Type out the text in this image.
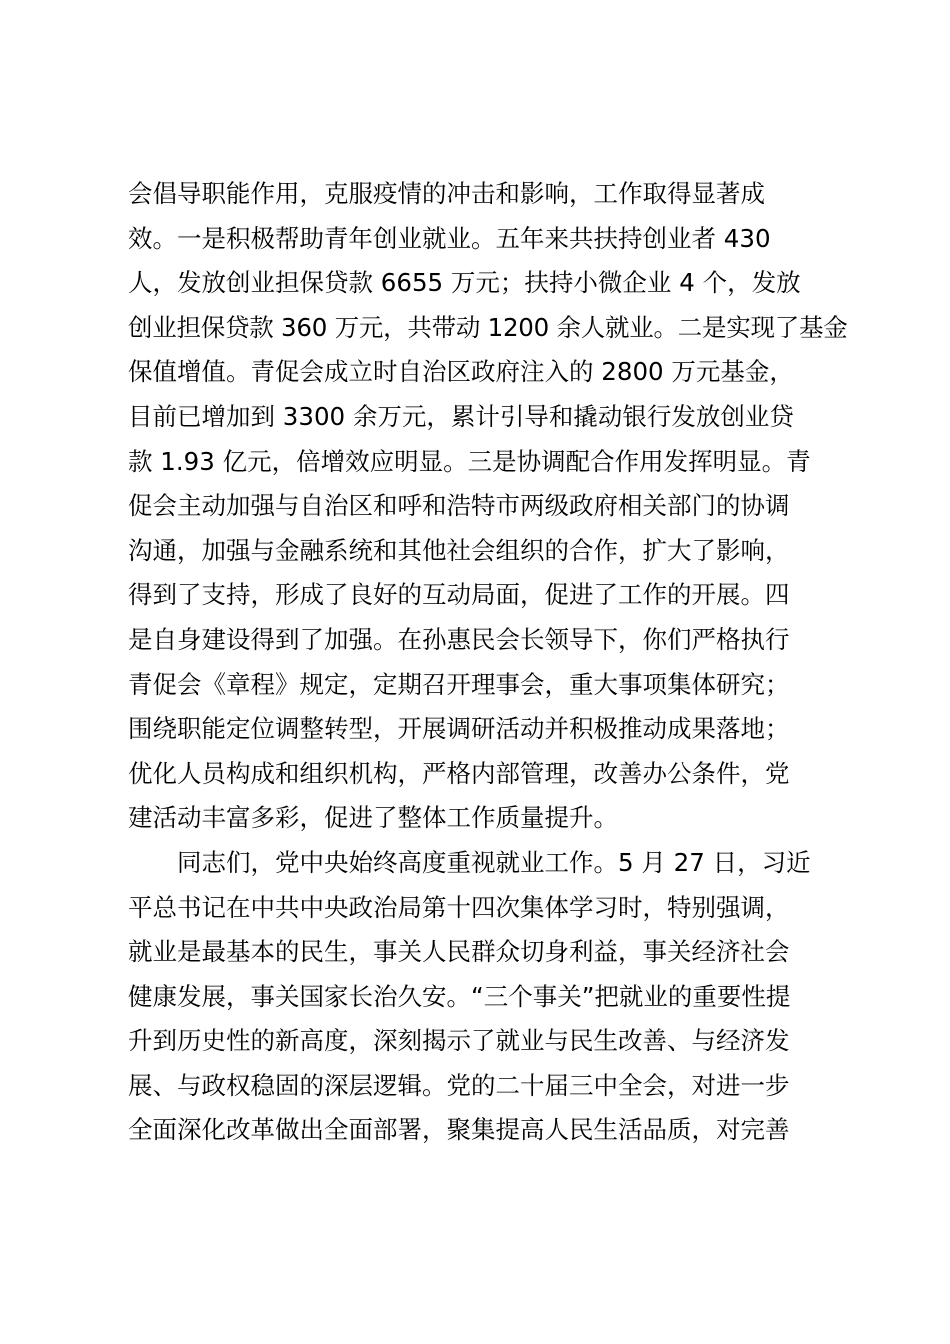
会倡导职能作用，克服疫情的冲击和影响，工作取得显著成
效。一是积极帮助青年创业就业。五年来共扶持创业者 430
人，发放创业担保贷款 6655 万元；扶持小微企业 4 个，发放
创业担保贷款 360 万元，共带动 1200 余人就业。二是实现了基金
保值增值。青促会成立时自治区政府注入的 2800 万元基金，
目前已增加到 3300 余万元，累计引导和撬动银行发放创业贷
款 1.93 亿元，倍增效应明显。三是协调配合作用发挥明显。青
促会主动加强与自治区和呼和浩特市两级政府相关部门的协调
沟通，加强与金融系统和其他社会组织的合作，扩大了影响，
得到了支持，形成了良好的互动局面，促进了工作的开展。四
是自身建设得到了加强。在孙惠民会长领导下，你们严格执行
青促会《章程》规定，定期召开理事会，重大事项集体研究；
围绕职能定位调整转型，开展调研活动并积极推动成果落地；
优化人员构成和组织机构，严格内部管理，改善办公条件，党
建活动丰富多彩，促进了整体工作质量提升。
同志们，党中央始终高度重视就业工作。5 月 27 日，习近
平总书记在中共中央政治局第十四次集体学习时，特别强调，
就业是最基本的民生，事关人民群众切身利益，事关经济社会
健康发展，事关国家长治久安。“三个事关”把就业的重要性提
升到历史性的新高度，深刻揭示了就业与民生改善、与经济发
展、与政权稳固的深层逻辑。党的二十届三中全会，对进一步
全面深化改革做出全面部署，聚集提高人民生活品质，对完善
